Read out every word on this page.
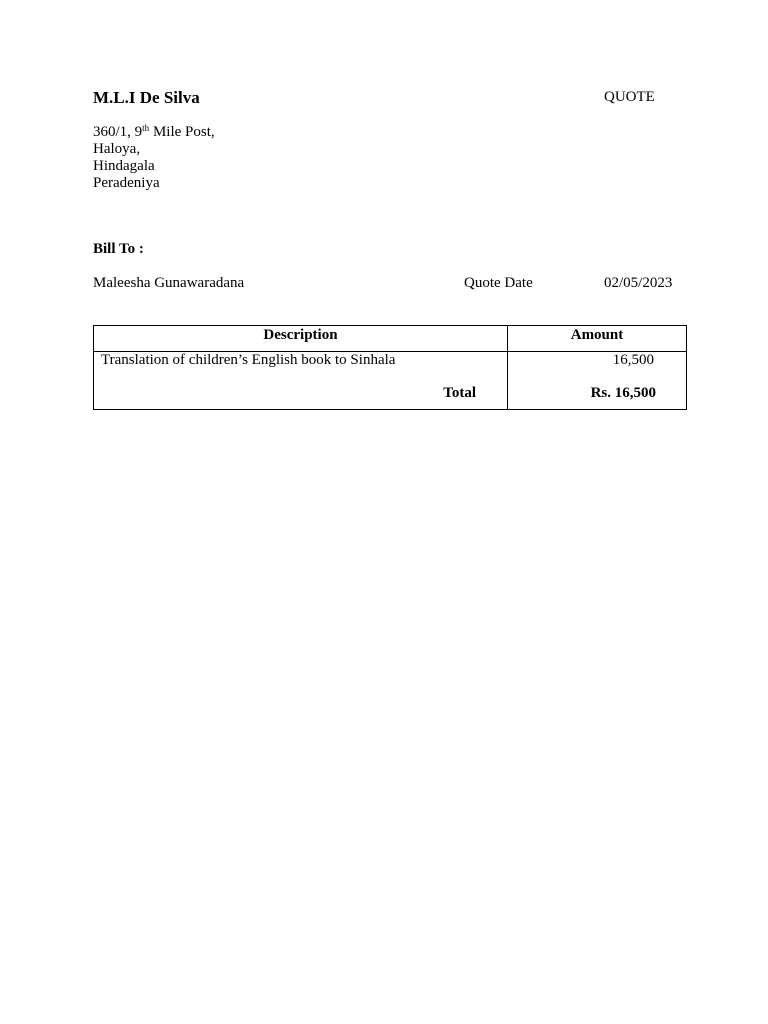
M.L.I De Silva	QUOTE
360/1, 9th Mile Post,
Haloya,
Hindagala
Peradeniya
Bill To :
Maleesha Gunawaradana	Quote Date	02/05/2023
Description	Amount
Translation of children’s English book to Sinhala	16,500
Total	Rs. 16,500
